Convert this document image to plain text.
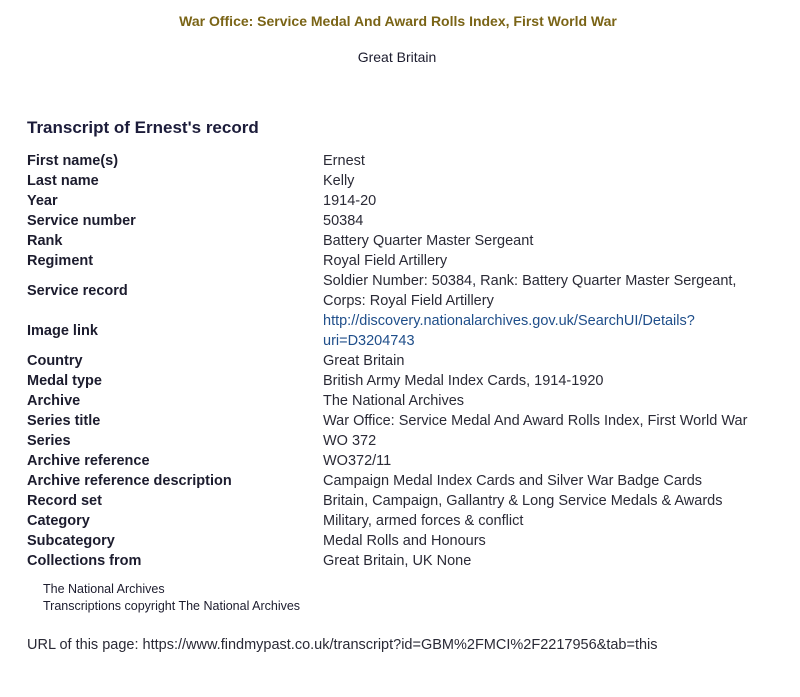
War Office: Service Medal And Award Rolls Index, First World War
Great Britain
Transcript of Ernest's record
First name(s)	Ernest
Last name	Kelly
Year	1914-20
Service number	50384
Rank	Battery Quarter Master Sergeant
Regiment	Royal Field Artillery
Service record	Soldier Number: 50384, Rank: Battery Quarter Master Sergeant,
Corps: Royal Field Artillery
Image link	http://discovery.nationalarchives.gov.uk/SearchUI/Details?
uri=D3204743
Country	Great Britain
Medal type	British Army Medal Index Cards, 1914-1920
Archive	The National Archives
Series title	War Office: Service Medal And Award Rolls Index, First World War
Series	WO 372
Archive reference	WO372/11
Archive reference description	Campaign Medal Index Cards and Silver War Badge Cards
Record set	Britain, Campaign, Gallantry & Long Service Medals & Awards
Category	Military, armed forces & conflict
Subcategory	Medal Rolls and Honours
Collections from	Great Britain, UK None
The National Archives
Transcriptions copyright The National Archives
URL of this page: https://www.findmypast.co.uk/transcript?id=GBM%2FMCI%2F2217956&tab=this
